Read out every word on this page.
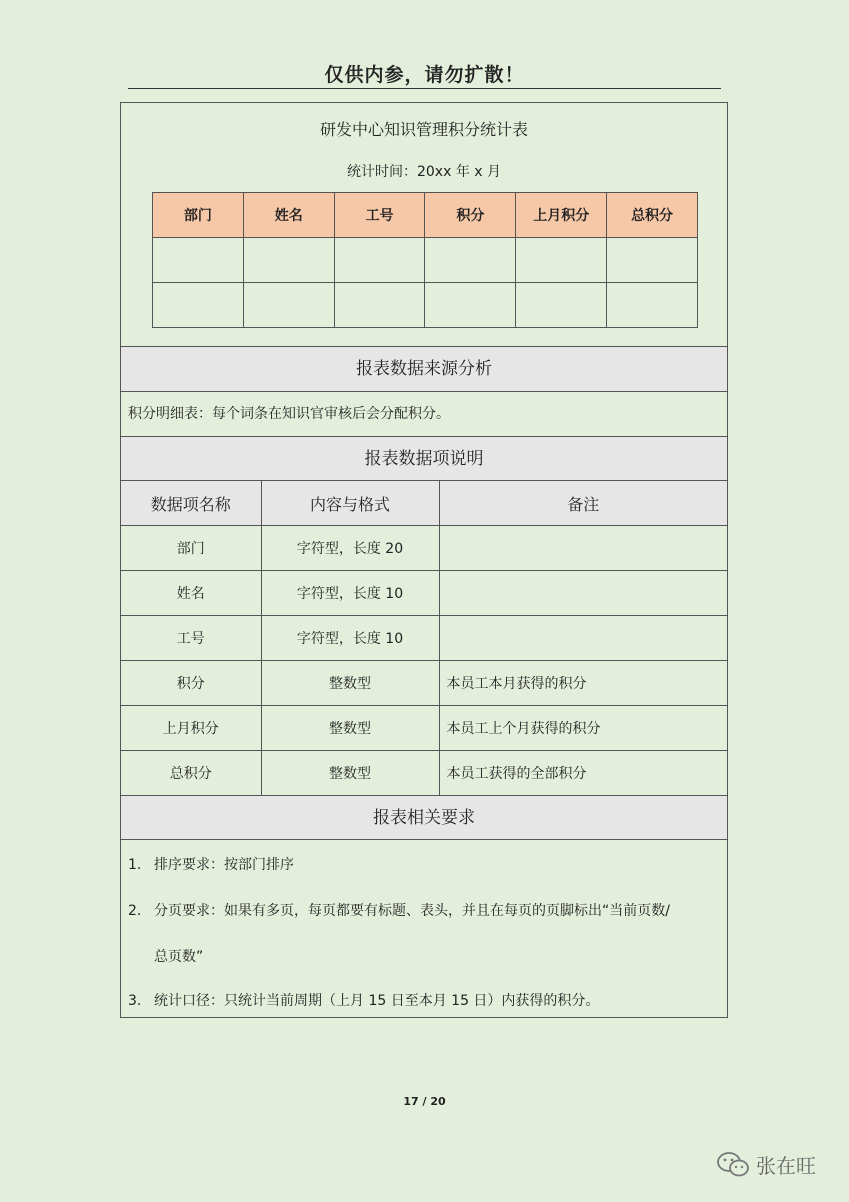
仅供内参，请勿扩散！
研发中心知识管理积分统计表
统计时间：20xx 年 x 月
部门	姓名	工号	积分	上月积分	总积分

报表数据来源分析
积分明细表：每个词条在知识官审核后会分配积分。
报表数据项说明
数据项名称	内容与格式	备注
部门	字符型，长度 20	
姓名	字符型，长度 10	
工号	字符型，长度 10	
积分	整数型	本员工本月获得的积分
上月积分	整数型	本员工上个月获得的积分
总积分	整数型	本员工获得的全部积分
报表相关要求
1. 排序要求：按部门排序
2. 分页要求：如果有多页，每页都要有标题、表头，并且在每页的页脚标出“当前页数/
总页数”
3. 统计口径：只统计当前周期（上月 15 日至本月 15 日）内获得的积分。
17 / 20
张在旺
